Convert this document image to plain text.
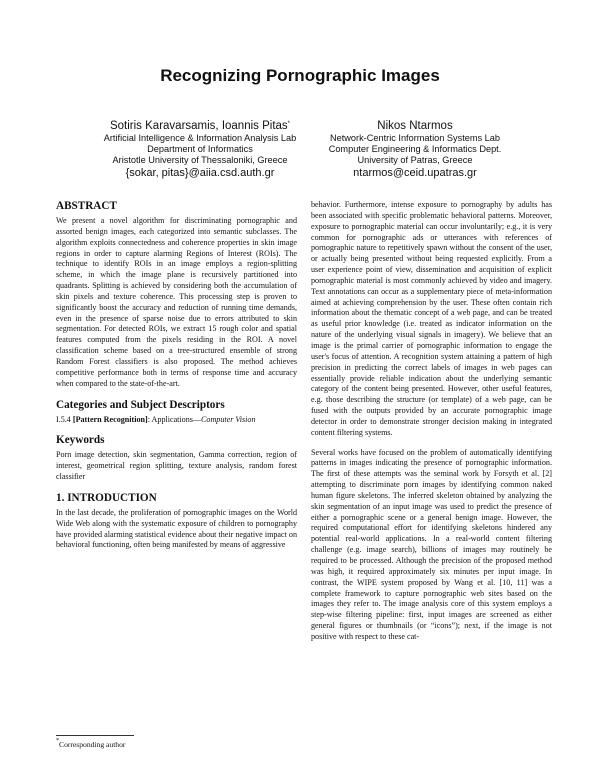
Recognizing Pornographic Images
Sotiris Karavarsamis, Ioannis Pitas*
Artificial Intelligence & Information Analysis Lab
Department of Informatics
Aristotle University of Thessaloniki, Greece
{sokar, pitas}@aiia.csd.auth.gr
Nikos Ntarmos
Network-Centric Information Systems Lab
Computer Engineering & Informatics Dept.
University of Patras, Greece
ntarmos@ceid.upatras.gr
ABSTRACT

We present a novel algorithm for discriminating pornographic and assorted benign images, each categorized into semantic subclasses. The algorithm exploits connectedness and coherence properties in skin image regions in order to capture alarming Regions of Interest (ROIs). The technique to identify ROIs in an image employs a region-splitting scheme, in which the image plane is recursively partitioned into quadrants. Splitting is achieved by considering both the accumulation of skin pixels and texture coherence. This processing step is proven to significantly boost the accuracy and reduction of running time demands, even in the presence of sparse noise due to errors attributed to skin segmentation. For detected ROIs, we extract 15 rough color and spatial features computed from the pixels residing in the ROI. A novel classification scheme based on a tree-structured ensemble of strong Random Forest classifiers is also proposed. The method achieves competitive performance both in terms of response time and accuracy when compared to the state-of-the-art.

Categories and Subject Descriptors

I.5.4 [Pattern Recognition]: Applications—Computer Vision

Keywords

Porn image detection, skin segmentation, Gamma correction, region of interest, geometrical region splitting, texture analysis, random forest classifier

1. INTRODUCTION

In the last decade, the proliferation of pornographic images on the World Wide Web along with the systematic exposure of children to pornography have provided alarming statistical evidence about their negative impact on behavioral functioning, often being manifested by means of aggressive

behavior. Furthermore, intense exposure to pornography by adults has been associated with specific problematic behavioral patterns. Moreover, exposure to pornographic material can occur involuntarily; e.g., it is very common for pornographic ads or utterances with references of pornographic nature to repetitively spawn without the consent of the user, or actually being presented without being requested explicitly. From a user experience point of view, dissemination and acquisition of explicit pornographic material is most commonly achieved by video and imagery. Text annotations can occur as a supplementary piece of meta-information aimed at achieving comprehension by the user. These often contain rich information about the thematic concept of a web page, and can be treated as useful prior knowledge (i.e. treated as indicator information on the nature of the underlying visual signals in imagery). We believe that an image is the primal carrier of pornographic information to engage the user's focus of attention. A recognition system attaining a pattern of high precision in predicting the correct labels of images in web pages can essentially provide reliable indication about the underlying semantic category of the content being presented. However, other useful features, e.g. those describing the structure (or template) of a web page, can be fused with the outputs provided by an accurate pornographic image detector in order to demonstrate stronger decision making in integrated content filtering systems.

Several works have focused on the problem of automatically identifying patterns in images indicating the presence of pornographic information. The first of these attempts was the seminal work by Forsyth et al. [2] attempting to discriminate porn images by identifying common naked human figure skeletons. The inferred skeleton obtained by analyzing the skin segmentation of an input image was used to predict the presence of either a pornographic scene or a general benign image. However, the required computational effort for identifying skeletons hindered any potential real-world applications. In a real-world content filtering challenge (e.g. image search), billions of images may routinely be required to be processed. Although the precision of the proposed method was high, it required approximately six minutes per input image. In contrast, the WIPE system proposed by Wang et al. [10, 11] was a complete framework to capture pornographic web sites based on the images they refer to. The image analysis core of this system employs a step-wise filtering pipeline: first, input images are screened as either general figures or thumbnails (or “icons”); next, if the image is not positive with respect to these cat-

*Corresponding author
